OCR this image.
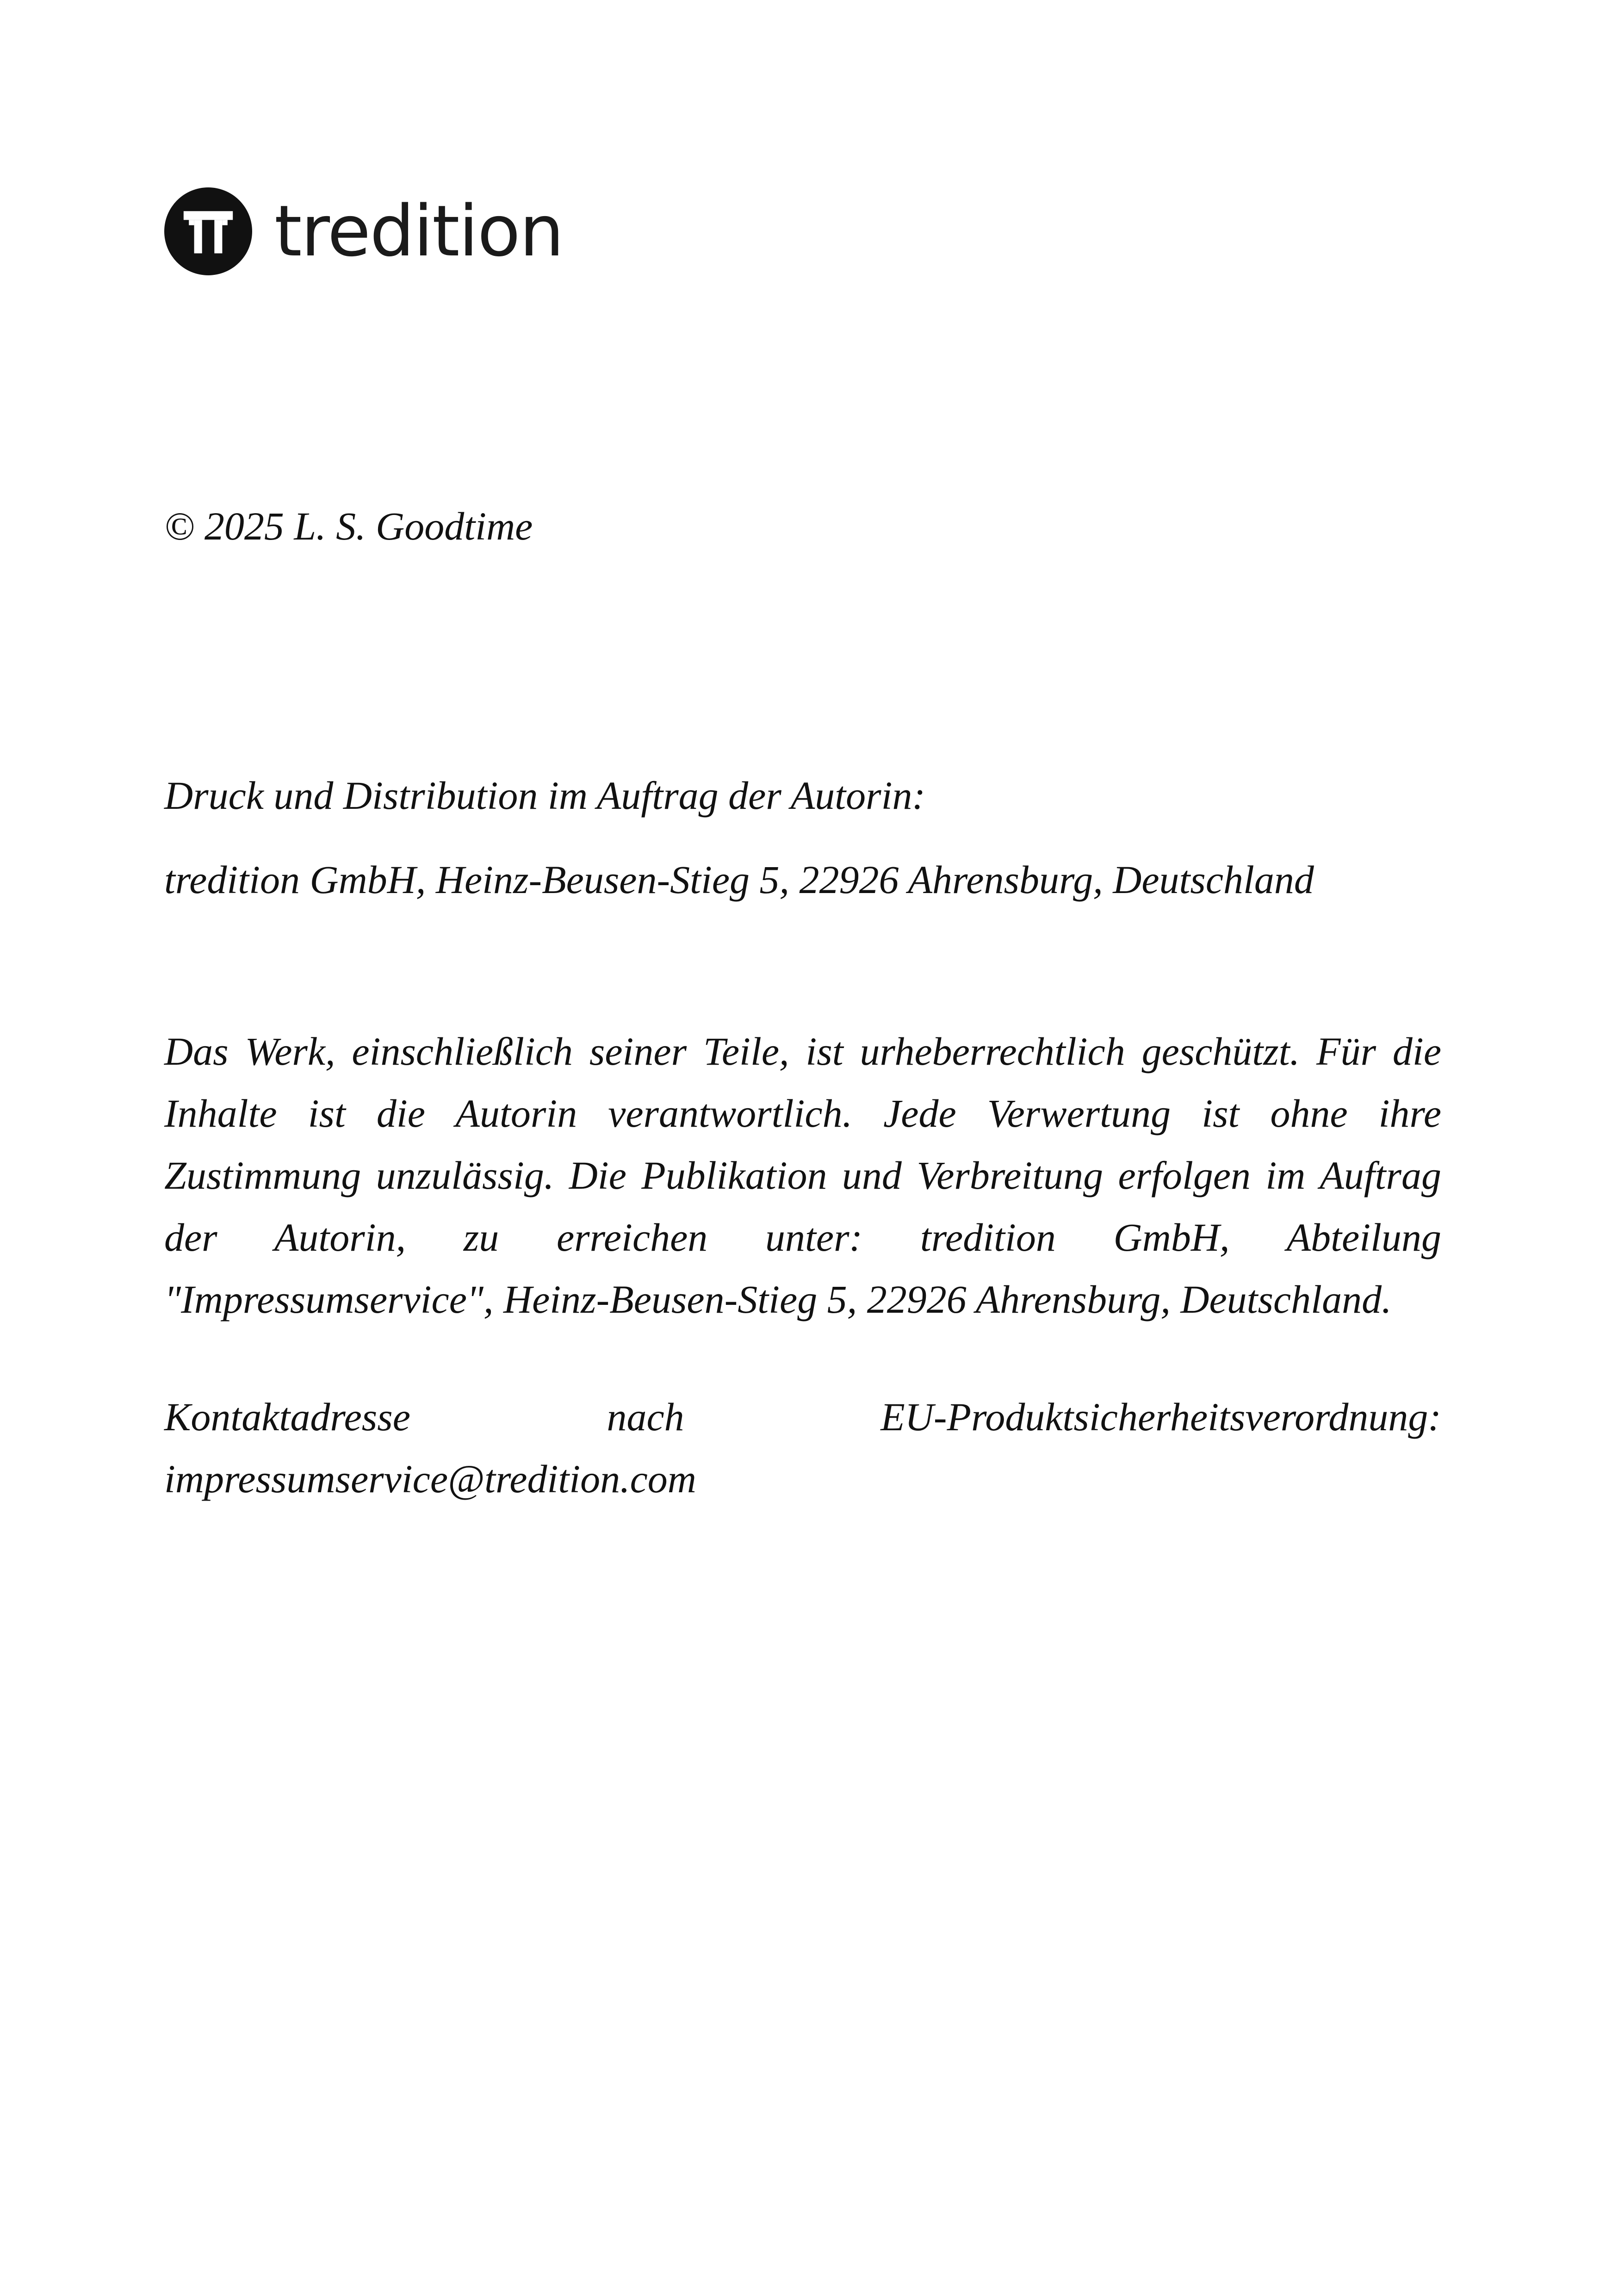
tredition

© 2025 L. S. Goodtime

Druck und Distribution im Auftrag der Autorin:

tredition GmbH, Heinz-Beusen-Stieg 5, 22926 Ahrensburg, Deutschland

Das Werk, einschließlich seiner Teile, ist urheberrechtlich geschützt. Für die Inhalte ist die Autorin verantwortlich. Jede Verwertung ist ohne ihre Zustimmung unzulässig. Die Publikation und Verbreitung erfolgen im Auftrag der Autorin, zu erreichen unter: tredition GmbH, Abteilung "Impressumservice", Heinz-Beusen-Stieg 5, 22926 Ahrensburg, Deutschland.

Kontaktadresse nach EU-Produktsicherheitsverordnung: impressumservice@tredition.com
